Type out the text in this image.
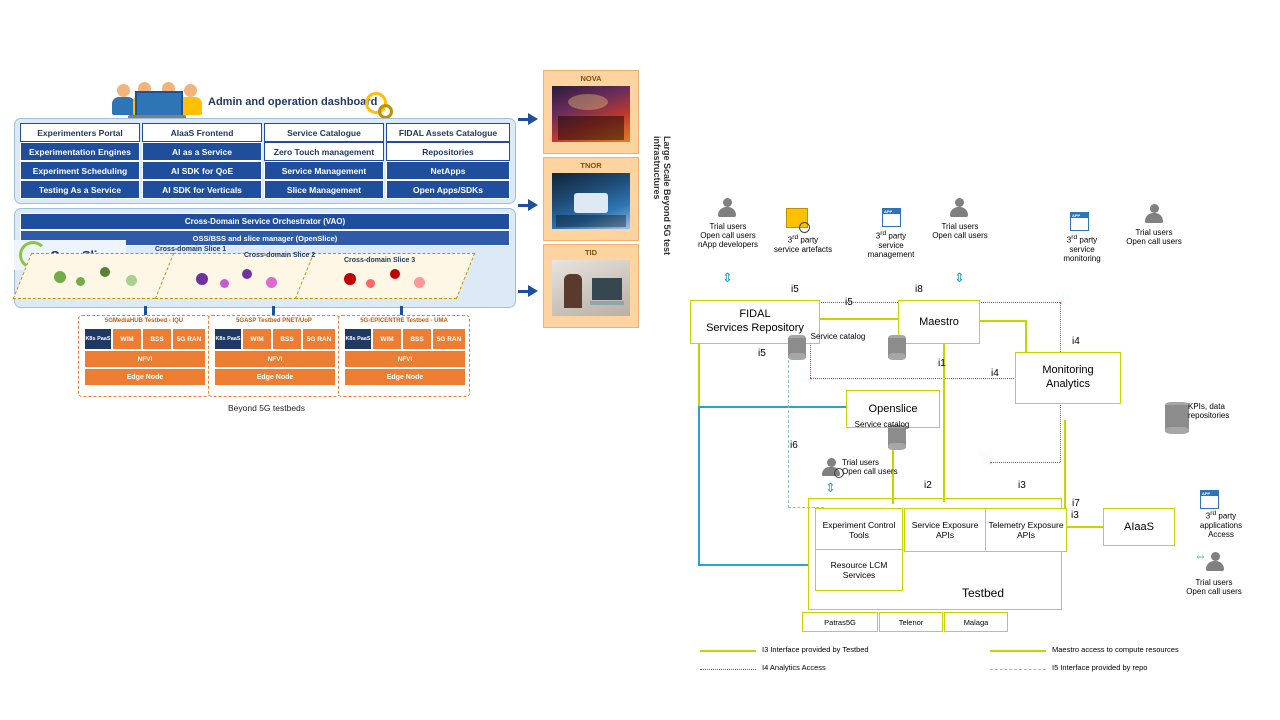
Admin and operation dashboard
Experimenters Portal	AIaaS Frontend	Service Catalogue	FIDAL Assets Catalogue
Experimentation Engines	AI as a Service	Zero Touch management	Repositories
Experiment Scheduling	AI SDK for QoE	Service Management	NetApps
Testing As a Service	AI SDK for Verticals	Slice Management	Open Apps/SDKs
Cross-Domain Service Orchestrator (VAO)
OSS/BSS and slice manager (OpenSlice)
Cross-domain Slice 1
Cross-domain Slice 2
Cross-domain Slice 3
5GMediaHUB Testbed - IQU
K8s PaaS	WIM	BSS	5G RAN
NFVI
Edge Node
5GASP Testbed PNET/UoP
K8s PaaS	WIM	BSS	5G RAN
NFVI
Edge Node
5G-EPICENTRE Testbed - UMA
K8s PaaS	WIM	BSS	5G RAN
NFVI
Edge Node
Beyond 5G testbeds
Large Scale Beyond 5G test infrastructures
NOVA
TNOR
TID
FIDAL
Services Repository	Maestro
Openslice
Monitoring
Analytics
AIaaS
Testbed
Experiment Control Tools
Resource LCM Services
Service Exposure APIs
Telemetry Exposure APIs
Patras5G	Telenor	Malaga
Service catalog
Service catalog
KPIs, data repositories
i5
i5
i8
i5
i1
i4
i4
i6
i2	i3
i3
i7
Trial users
Open call users
nApp developers
⇕
3rd party
service artefacts
APP
3rd party
service
management
Trial users
Open call users
⇕
APP
3rd party
service
monitoring
Trial users
Open call users
Trial users
Open call users
⇕	APP
3rd party
applications
Access
⇔
Trial users
Open call users
I3 Interface provided by Testbed	Maestro access to compute resources
I4 Analytics Access	I5 Interface provided by repo
